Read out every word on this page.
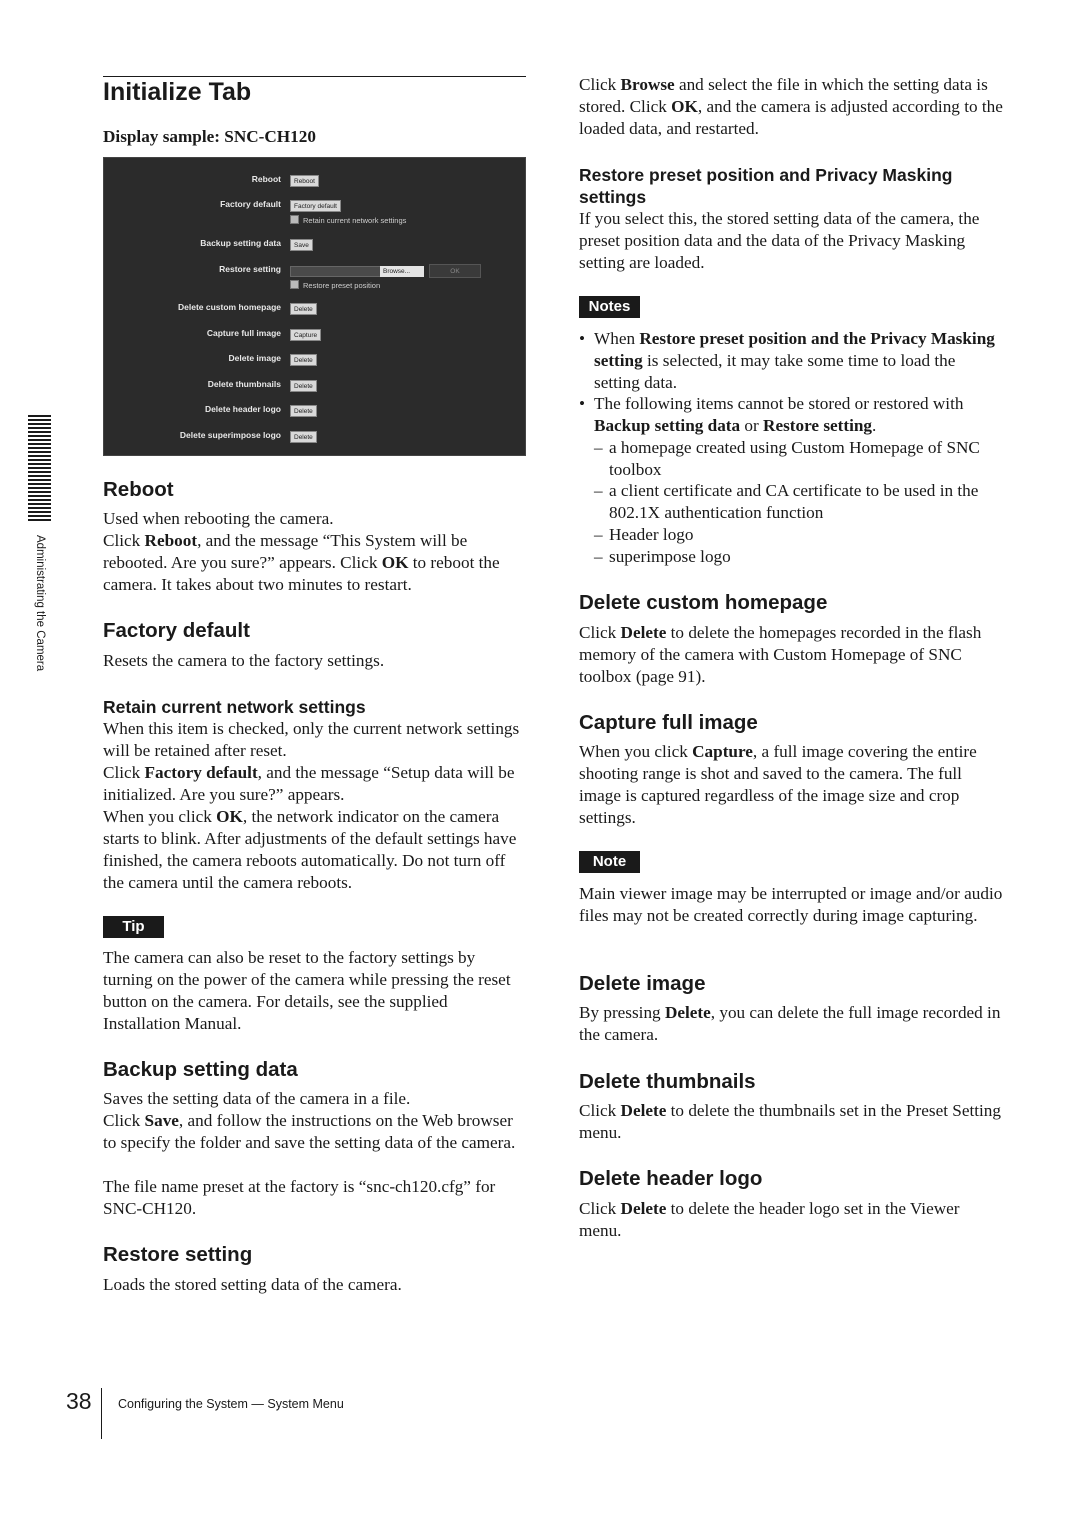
Administrating the Camera
Initialize Tab
Display sample: SNC-CH120
Reboot	Reboot
Factory default	Factory default
Retain current network settings
Backup setting data	Save
Restore setting	Browse...	OK
Restore preset position
Delete custom homepage	Delete
Capture full image	Capture
Delete image	Delete
Delete thumbnails	Delete
Delete header logo	Delete
Delete superimpose logo	Delete
Reboot

Used when rebooting the camera.

Click Reboot, and the message “This System will be rebooted. Are you sure?” appears. Click OK to reboot the camera. It takes about two minutes to restart.

Factory default

Resets the camera to the factory settings.

Retain current network settings

When this item is checked, only the current network settings will be retained after reset.

Click Factory default, and the message “Setup data will be initialized. Are you sure?” appears.

When you click OK, the network indicator on the camera starts to blink. After adjustments of the default settings have finished, the camera reboots automatically. Do not turn off the camera until the camera reboots.

Tip

The camera can also be reset to the factory settings by turning on the power of the camera while pressing the reset button on the camera. For details, see the supplied Installation Manual.

Backup setting data

Saves the setting data of the camera in a file.

Click Save, and follow the instructions on the Web browser to specify the folder and save the setting data of the camera.

The file name preset at the factory is “snc-ch120.cfg” for SNC-CH120.

Restore setting

Loads the stored setting data of the camera.

Click Browse and select the file in which the setting data is stored. Click OK, and the camera is adjusted according to the loaded data, and restarted.

Restore preset position and Privacy Masking settings

If you select this, the stored setting data of the camera, the preset position data and the data of the Privacy Masking setting are loaded.

Notes
• When Restore preset position and the Privacy Masking setting is selected, it may take some time to load the setting data.
• The following items cannot be stored or restored with Backup setting data or Restore setting.
– a homepage created using Custom Homepage of SNC toolbox
– a client certificate and CA certificate to be used in the 802.1X authentication function
– Header logo
– superimpose logo
Delete custom homepage

Click Delete to delete the homepages recorded in the flash memory of the camera with Custom Homepage of SNC toolbox (page 91).

Capture full image

When you click Capture, a full image covering the entire shooting range is shot and saved to the camera. The full image is captured regardless of the image size and crop settings.

Note

Main viewer image may be interrupted or image and/or audio files may not be created correctly during image capturing.

Delete image

By pressing Delete, you can delete the full image recorded in the camera.

Delete thumbnails

Click Delete to delete the thumbnails set in the Preset Setting menu.

Delete header logo

Click Delete to delete the header logo set in the Viewer menu.

38 Configuring the System — System Menu
